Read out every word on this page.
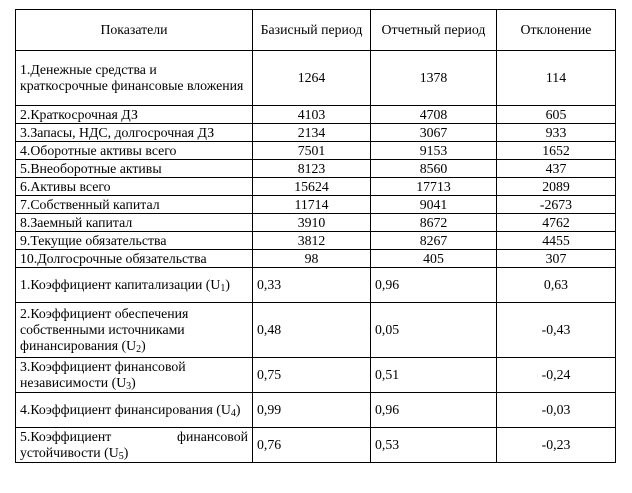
Показатели	Базисный период	Отчетный период	Отклонение
1.Денежные средства и краткосрочные финансовые вложения	1264	1378	114
2.Краткосрочная ДЗ	4103	4708	605
3.Запасы, НДС, долгосрочная ДЗ	2134	3067	933
4.Оборотные активы всего	7501	9153	1652
5.Внеоборотные активы	8123	8560	437
6.Активы всего	15624	17713	2089
7.Собственный капитал	11714	9041	-2673
8.Заемный капитал	3910	8672	4762
9.Текущие обязательства	3812	8267	4455
10.Долгосрочные обязательства	98	405	307
1.Коэффициент капитализации $(U_1)$	0,33	0,96	0,63
2.Коэффициент обеспечения собственными источниками финансирования $(U_2)$	0,48	0,05	-0,43
3.Коэффициент финансовой независимости $(U_3)$	0,75	0,51	-0,24
4.Коэффициент финансирования $(U_4)$	0,99	0,96	-0,03
5.Коэффициент финансовой устойчивости $(U_5)$	0,76	0,53	-0,23
